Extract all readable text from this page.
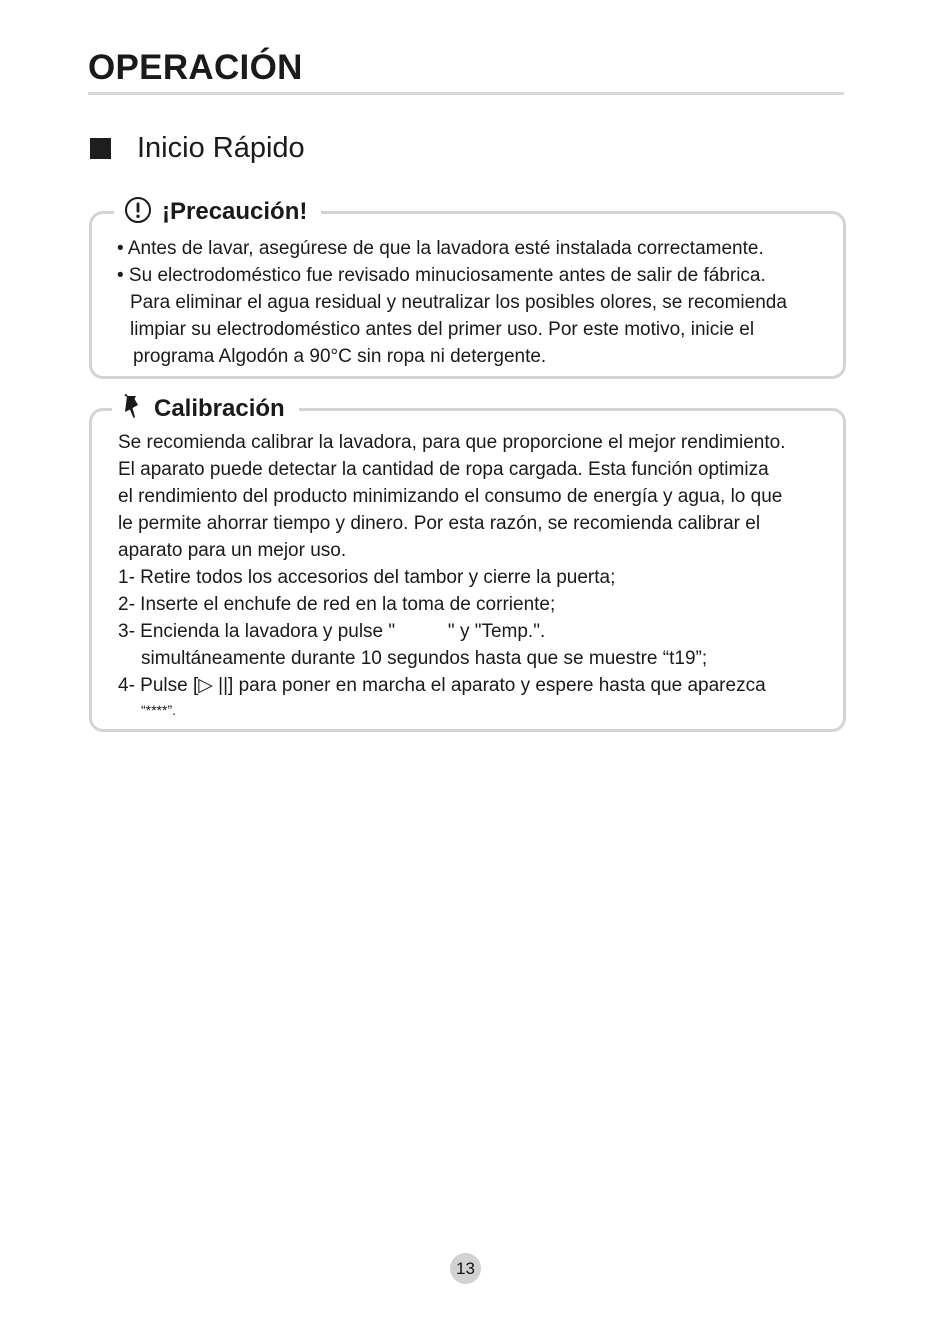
OPERACIÓN
Inicio Rápido
¡Precaución!
• Antes de lavar, asegúrese de que la lavadora esté instalada correctamente.
• Su electrodoméstico fue revisado minuciosamente antes de salir de fábrica.
Para eliminar el agua residual y neutralizar los posibles olores, se recomienda
limpiar su electrodoméstico antes del primer uso. Por este motivo, inicie el
programa Algodón a 90°C sin ropa ni detergente.
Calibración
Se recomienda calibrar la lavadora, para que proporcione el mejor rendimiento.
El aparato puede detectar la cantidad de ropa cargada. Esta función optimiza
el rendimiento del producto minimizando el consumo de energía y agua, lo que
le permite ahorrar tiempo y dinero. Por esta razón, se recomienda calibrar el
aparato para un mejor uso.
1- Retire todos los accesorios del tambor y cierre la puerta;
2- Inserte el enchufe de red en la toma de corriente;
3- Encienda la lavadora y pulse "          " y "Temp.".
simultáneamente durante 10 segundos hasta que se muestre “t19”;
4- Pulse [▷ ||] para poner en marcha el aparato y espere hasta que aparezca
“****”.
13
